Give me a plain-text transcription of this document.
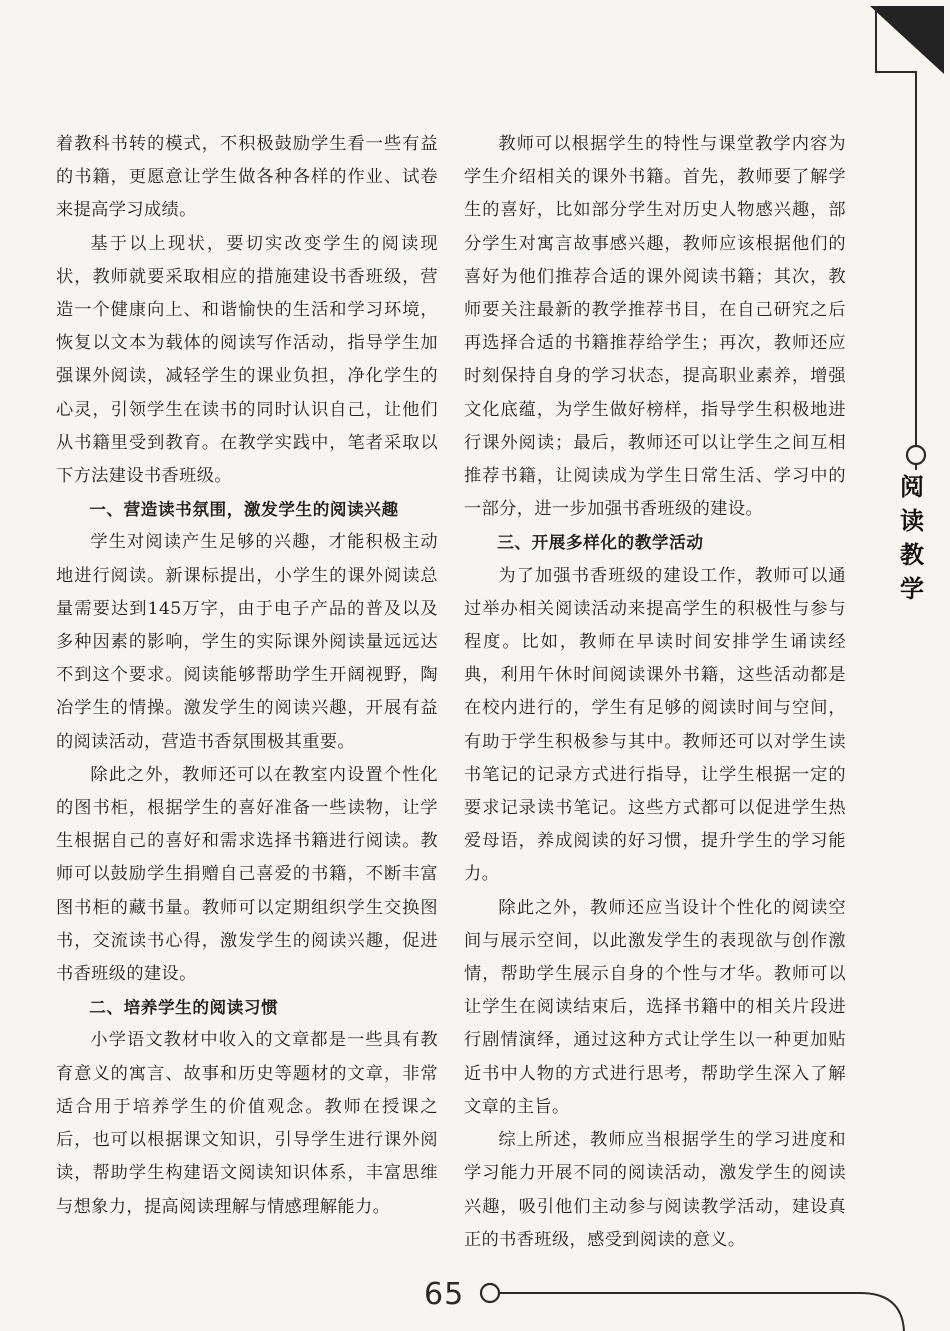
着教科书转的模式，不积极鼓励学生看一些有益的书籍，更愿意让学生做各种各样的作业、试卷来提高学习成绩。

基于以上现状，要切实改变学生的阅读现状，教师就要采取相应的措施建设书香班级，营造一个健康向上、和谐愉快的生活和学习环境，恢复以文本为载体的阅读写作活动，指导学生加强课外阅读，减轻学生的课业负担，净化学生的心灵，引领学生在读书的同时认识自己，让他们从书籍里受到教育。在教学实践中，笔者采取以下方法建设书香班级。

一、营造读书氛围，激发学生的阅读兴趣

学生对阅读产生足够的兴趣，才能积极主动地进行阅读。新课标提出，小学生的课外阅读总量需要达到145万字，由于电子产品的普及以及多种因素的影响，学生的实际课外阅读量远远达不到这个要求。阅读能够帮助学生开阔视野，陶冶学生的情操。激发学生的阅读兴趣，开展有益的阅读活动，营造书香氛围极其重要。

除此之外，教师还可以在教室内设置个性化的图书柜，根据学生的喜好准备一些读物，让学生根据自己的喜好和需求选择书籍进行阅读。教师可以鼓励学生捐赠自己喜爱的书籍，不断丰富图书柜的藏书量。教师可以定期组织学生交换图书，交流读书心得，激发学生的阅读兴趣，促进书香班级的建设。

二、培养学生的阅读习惯

小学语文教材中收入的文章都是一些具有教育意义的寓言、故事和历史等题材的文章，非常适合用于培养学生的价值观念。教师在授课之后，也可以根据课文知识，引导学生进行课外阅读，帮助学生构建语文阅读知识体系，丰富思维与想象力，提高阅读理解与情感理解能力。

教师可以根据学生的特性与课堂教学内容为学生介绍相关的课外书籍。首先，教师要了解学生的喜好，比如部分学生对历史人物感兴趣，部分学生对寓言故事感兴趣，教师应该根据他们的喜好为他们推荐合适的课外阅读书籍；其次，教师要关注最新的教学推荐书目，在自己研究之后再选择合适的书籍推荐给学生；再次，教师还应时刻保持自身的学习状态，提高职业素养，增强文化底蕴，为学生做好榜样，指导学生积极地进行课外阅读；最后，教师还可以让学生之间互相推荐书籍，让阅读成为学生日常生活、学习中的一部分，进一步加强书香班级的建设。

三、开展多样化的教学活动

为了加强书香班级的建设工作，教师可以通过举办相关阅读活动来提高学生的积极性与参与程度。比如，教师在早读时间安排学生诵读经典，利用午休时间阅读课外书籍，这些活动都是在校内进行的，学生有足够的阅读时间与空间，有助于学生积极参与其中。教师还可以对学生读书笔记的记录方式进行指导，让学生根据一定的要求记录读书笔记。这些方式都可以促进学生热爱母语，养成阅读的好习惯，提升学生的学习能力。

除此之外，教师还应当设计个性化的阅读空间与展示空间，以此激发学生的表现欲与创作激情，帮助学生展示自身的个性与才华。教师可以让学生在阅读结束后，选择书籍中的相关片段进行剧情演绎，通过这种方式让学生以一种更加贴近书中人物的方式进行思考，帮助学生深入了解文章的主旨。

综上所述，教师应当根据学生的学习进度和学习能力开展不同的阅读活动，激发学生的阅读兴趣，吸引他们主动参与阅读教学活动，建设真正的书香班级，感受到阅读的意义。

阅读教学
65
